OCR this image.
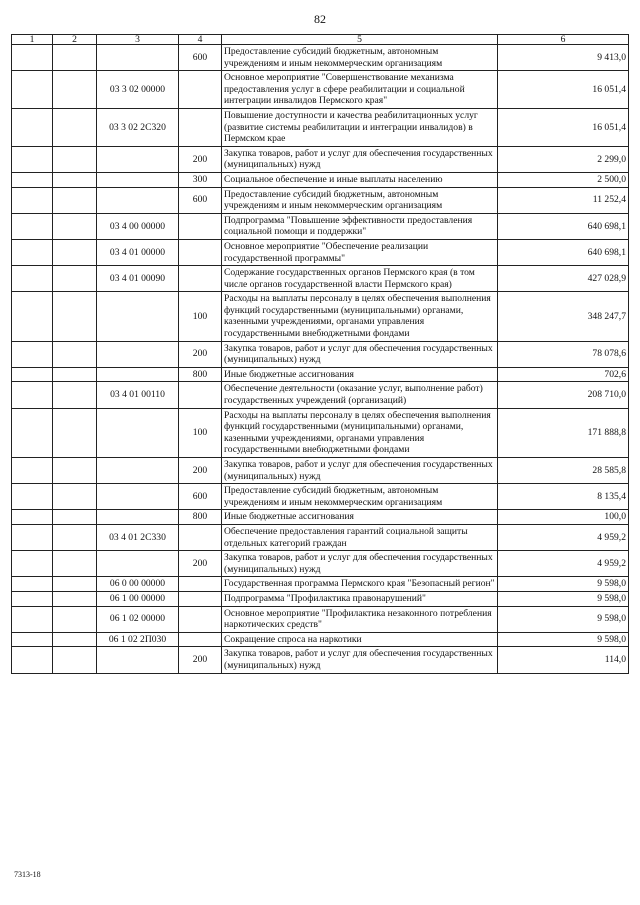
82
1	2	3	4	5	6
			600	Предоставление субсидий бюджетным, автономным учреждениям и иным некоммерческим организациям	9 413,0
		03 3 02 00000		Основное мероприятие "Совершенствование механизма предоставления услуг в сфере реабилитации и социальной интеграции инвалидов Пермского края"	16 051,4
		03 3 02 2С320		Повышение доступности и качества реабилитационных услуг (развитие системы реабилитации и интеграции инвалидов) в Пермском крае	16 051,4
			200	Закупка товаров, работ и услуг для обеспечения государственных (муниципальных) нужд	2 299,0
			300	Социальное обеспечение и иные выплаты населению	2 500,0
			600	Предоставление субсидий бюджетным, автономным учреждениям и иным некоммерческим организациям	11 252,4
		03 4 00 00000		Подпрограмма "Повышение эффективности предоставления социальной помощи и поддержки"	640 698,1
		03 4 01 00000		Основное мероприятие "Обеспечение реализации государственной программы"	640 698,1
		03 4 01 00090		Содержание государственных органов Пермского края (в том числе органов государственной власти Пермского края)	427 028,9
			100	Расходы на выплаты персоналу в целях обеспечения выполнения функций государственными (муниципальными) органами, казенными учреждениями, органами управления государственными внебюджетными фондами	348 247,7
			200	Закупка товаров, работ и услуг для обеспечения государственных (муниципальных) нужд	78 078,6
			800	Иные бюджетные ассигнования	702,6
		03 4 01 00110		Обеспечение деятельности (оказание услуг, выполнение работ) государственных учреждений (организаций)	208 710,0
			100	Расходы на выплаты персоналу в целях обеспечения выполнения функций государственными (муниципальными) органами, казенными учреждениями, органами управления государственными внебюджетными фондами	171 888,8
			200	Закупка товаров, работ и услуг для обеспечения государственных (муниципальных) нужд	28 585,8
			600	Предоставление субсидий бюджетным, автономным учреждениям и иным некоммерческим организациям	8 135,4
			800	Иные бюджетные ассигнования	100,0
		03 4 01 2С330		Обеспечение предоставления гарантий социальной защиты отдельных категорий граждан	4 959,2
			200	Закупка товаров, работ и услуг для обеспечения государственных (муниципальных) нужд	4 959,2
		06 0 00 00000		Государственная программа Пермского края "Безопасный регион"	9 598,0
		06 1 00 00000		Подпрограмма "Профилактика правонарушений"	9 598,0
		06 1 02 00000		Основное мероприятие "Профилактика незаконного потребления наркотических средств"	9 598,0
		06 1 02 2П030		Сокращение спроса на наркотики	9 598,0
			200	Закупка товаров, работ и услуг для обеспечения государственных (муниципальных) нужд	114,0
7313-18
